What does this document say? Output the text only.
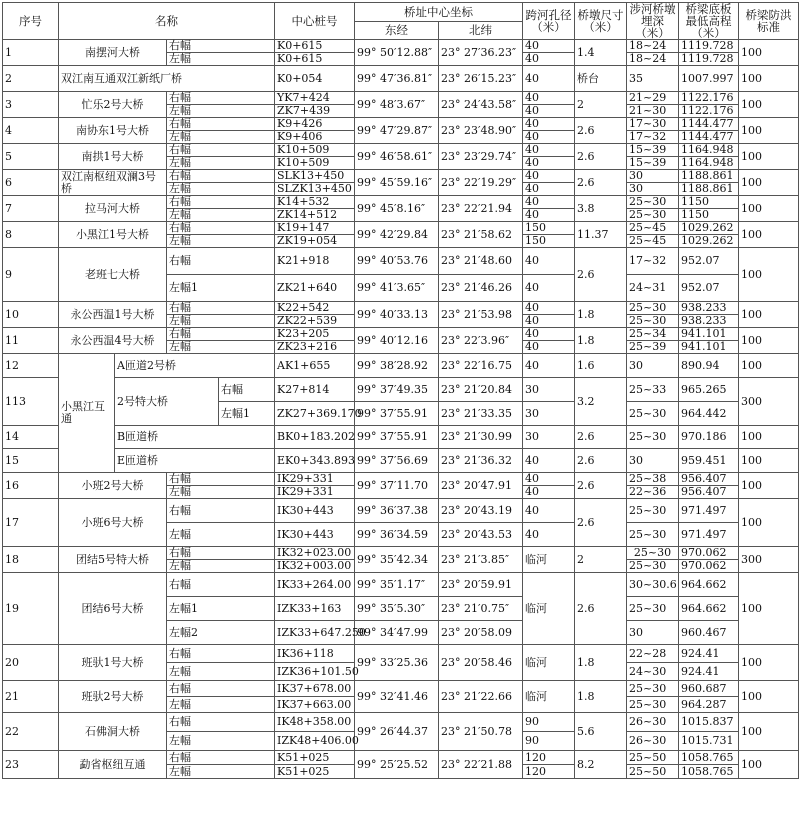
序号	名称				中心桩号	桥址中心坐标		跨河孔径（米）	桥墩尺寸（米）	涉河桥墩埋深（米）	桥梁底板最低高程（米）	桥梁防洪标准
						东经	北纬					
1	南摆河大桥		右幅		K0+615	99° 50′12.88″	23° 27′36.23″	40	1.4	18~24	1119.728	100
			左幅		K0+615			40		18~24	1119.728	
2	双江南互通双江新纸厂桥				K0+054	99° 47′36.81″	23° 26′15.23″	40	桥台	35	1007.997	100
3	忙乐2号大桥		右幅		YK7+424	99° 48′3.67″	23° 24′43.58″	40	2	21~29	1122.176	100
			左幅		ZK7+439			40		21~30	1122.176	
4	南协东1号大桥		右幅		K9+426	99° 47′29.87″	23° 23′48.90″	40	2.6	17~30	1144.477	100
			左幅		K9+406			40		17~32	1144.477	
5	南拱1号大桥		右幅		K10+509	99° 46′58.61″	23° 23′29.74″	40	2.6	15~39	1164.948	100
			左幅		K10+509			40		15~39	1164.948	
6	双江南枢纽双澜3号桥		右幅		SLK13+450	99° 45′59.16″	23° 22′19.29″	40	2.6	30	1188.861	100
			左幅		SLZK13+450			40		30	1188.861	
7	拉马河大桥		右幅		K14+532	99° 45′8.16″	23° 22′21.94	40	3.8	25~30	1150	100
			左幅		ZK14+512			40		25~30	1150	
8	小黑江1号大桥		右幅		K19+147	99° 42′29.84	23° 21′58.62	150	11.37	25~45	1029.262	100
			左幅		ZK19+054			150		25~45	1029.262	
9	老班七大桥		右幅		K21+918	99° 40′53.76	23° 21′48.60	40	2.6	17~32	952.07	100
			左幅1		ZK21+640	99° 41′3.65″	23° 21′46.26	40		24~31	952.07	
10	永公西温1号大桥		右幅		K22+542	99° 40′33.13	23° 21′53.98	40	1.8	25~30	938.233	100
			左幅		ZK22+539			40		25~30	938.233	
11	永公西温4号大桥		右幅		K23+205	99° 40′12.16	23° 22′3.96″	40	1.8	25~34	941.101	100
			左幅		ZK23+216			40		25~39	941.101	
12	小黑江互通	A匝道2号桥			AK1+655	99° 38′28.92	23° 22′16.75	40	1.6	30	890.94	100
113		2号特大桥		右幅	K27+814	99° 37′49.35	23° 21′20.84	30	3.2	25~33	965.265	300
				左幅1	ZK27+369.170	99° 37′55.91	23° 21′33.35	30		25~30	964.442	
14		B匝道桥			BK0+183.202	99° 37′55.91	23° 21′30.99	30	2.6	25~30	970.186	100
15		E匝道桥			EK0+343.893	99° 37′56.69	23° 21′36.32	40	2.6	30	959.451	100
16	小班2号大桥		右幅		IK29+331	99° 37′11.70	23° 20′47.91	40	2.6	25~38	956.407	100
			左幅		IK29+331			40		22~36	956.407	
17	小班6号大桥		右幅		IK30+443	99° 36′37.38	23° 20′43.19	40	2.6	25~30	971.497	100
			左幅		IK30+443	99° 36′34.59	23° 20′43.53	40		25~30	971.497	
18	团结5号特大桥		右幅		IK32+023.00	99° 35′42.34	23° 21′3.85″	临河	2	25~30	970.062	300
			左幅		IK32+003.00					25~30	970.062	
19	团结6号大桥		右幅		IK33+264.00	99° 35′1.17″	23° 20′59.91	临河	2.6	30~30.6	964.662	100
			左幅1		IZK33+163	99° 35′5.30″	23° 21′0.75″			25~30	964.662	
			左幅2		IZK33+647.250	99° 34′47.99	23° 20′58.09			30	960.467	
20	班驮1号大桥		右幅		IK36+118	99° 33′25.36	23° 20′58.46	临河	1.8	22~28	924.41	100
			左幅		IZK36+101.50					24~30	924.41	
21	班驮2号大桥		右幅		IK37+678.00	99° 32′41.46	23° 21′22.66	临河	1.8	25~30	960.687	100
			左幅		IK37+663.00					25~30	964.287	
22	石佛洞大桥		右幅		IK48+358.00	99° 26′44.37	23° 21′50.78	90	5.6	26~30	1015.837	100
			左幅		IZK48+406.00			90		26~30	1015.731	
23	勐省枢纽互通		右幅		K51+025	99° 25′25.52	23° 22′21.88	120	8.2	25~50	1058.765	100
			左幅		K51+025			120		25~50	1058.765	
